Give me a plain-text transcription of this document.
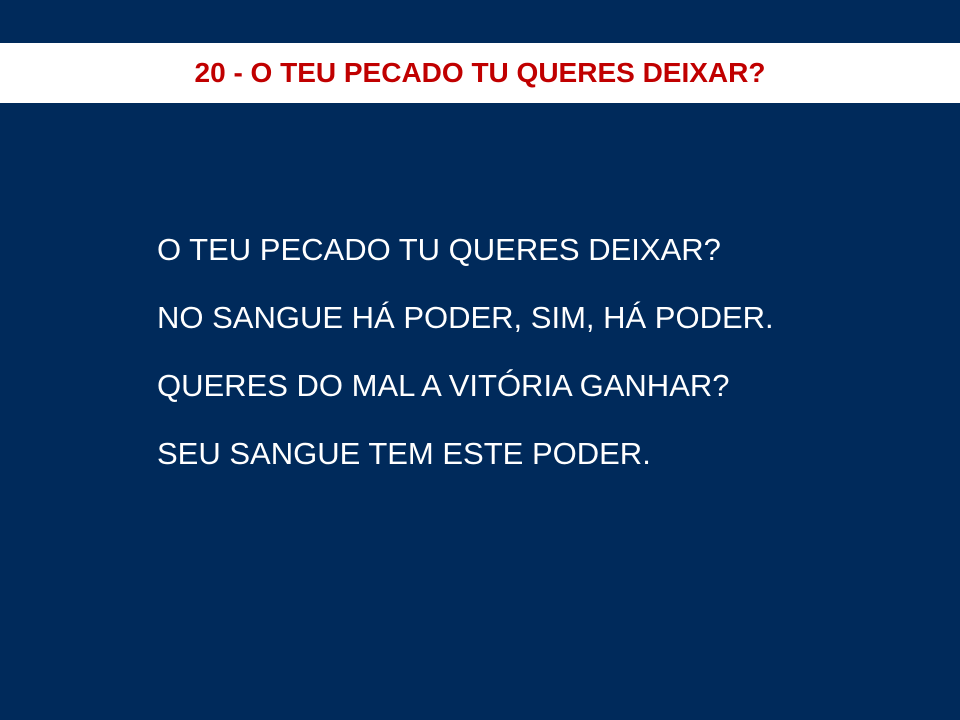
20 - O TEU PECADO TU QUERES DEIXAR?
O TEU PECADO TU QUERES DEIXAR?
NO SANGUE HÁ PODER, SIM, HÁ PODER.
QUERES DO MAL A VITÓRIA GANHAR?
SEU SANGUE TEM ESTE PODER.
